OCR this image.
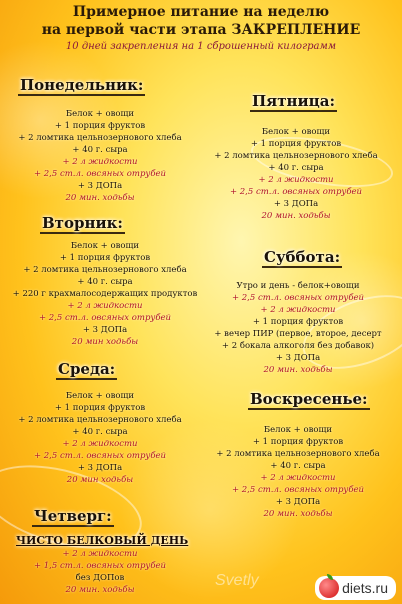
Примерное питание на неделю
на первой части этапа ЗАКРЕПЛЕНИЕ
10 дней закрепления на 1 сброшенный килограмм
Понедельник:
Белок + овощи
+ 1 порция фруктов
+ 2 ломтика цельнозернового хлеба
+ 40 г. сыра
+ 2 л жидкости
+ 2,5 ст.л. овсяных отрубей
+ 3 ДОПа
20 мин. ходьбы
Вторник:
Белок + овощи
+ 1 порция фруктов
+ 2 ломтика цельнозернового хлеба
+ 40 г. сыра
+ 220 г крахмалосодержащих продуктов
+ 2 л жидкости
+ 2,5 ст.л. овсяных отрубей
+ 3 ДОПа
20 мин ходьбы
Среда:
Белок + овощи
+ 1 порция фруктов
+ 2 ломтика цельнозернового хлеба
+ 40 г. сыра
+ 2 л жидкости
+ 2,5 ст.л. овсяных отрубей
+ 3 ДОПа
20 мин ходьбы
Четверг:
ЧИСТО БЕЛКОВЫЙ ДЕНЬ
+ 2 л жидкости
+ 1,5 ст.л. овсяных отрубей
без ДОПов
20 мин. ходьбы
Пятница:
Белок + овощи
+ 1 порция фруктов
+ 2 ломтика цельнозернового хлеба
+ 40 г. сыра
+ 2 л жидкости
+ 2,5 ст.л. овсяных отрубей
+ 3 ДОПа
20 мин. ходьбы
Суббота:
Утро и день - белок+овощи
+ 2,5 ст.л. овсяных отрубей
+ 2 л жидкости
+ 1 порция фруктов
+ вечер ПИР (первое, второе, десерт
+ 2 бокала алкоголя без добавок)
+ 3 ДОПа
20 мин. ходьбы
Воскресенье:
Белок + овощи
+ 1 порция фруктов
+ 2 ломтика цельнозернового хлеба
+ 40 г. сыра
+ 2 л жидкости
+ 2,5 ст.л. овсяных отрубей
+ 3 ДОПа
20 мин. ходьбы
Svetly	diets.ru
